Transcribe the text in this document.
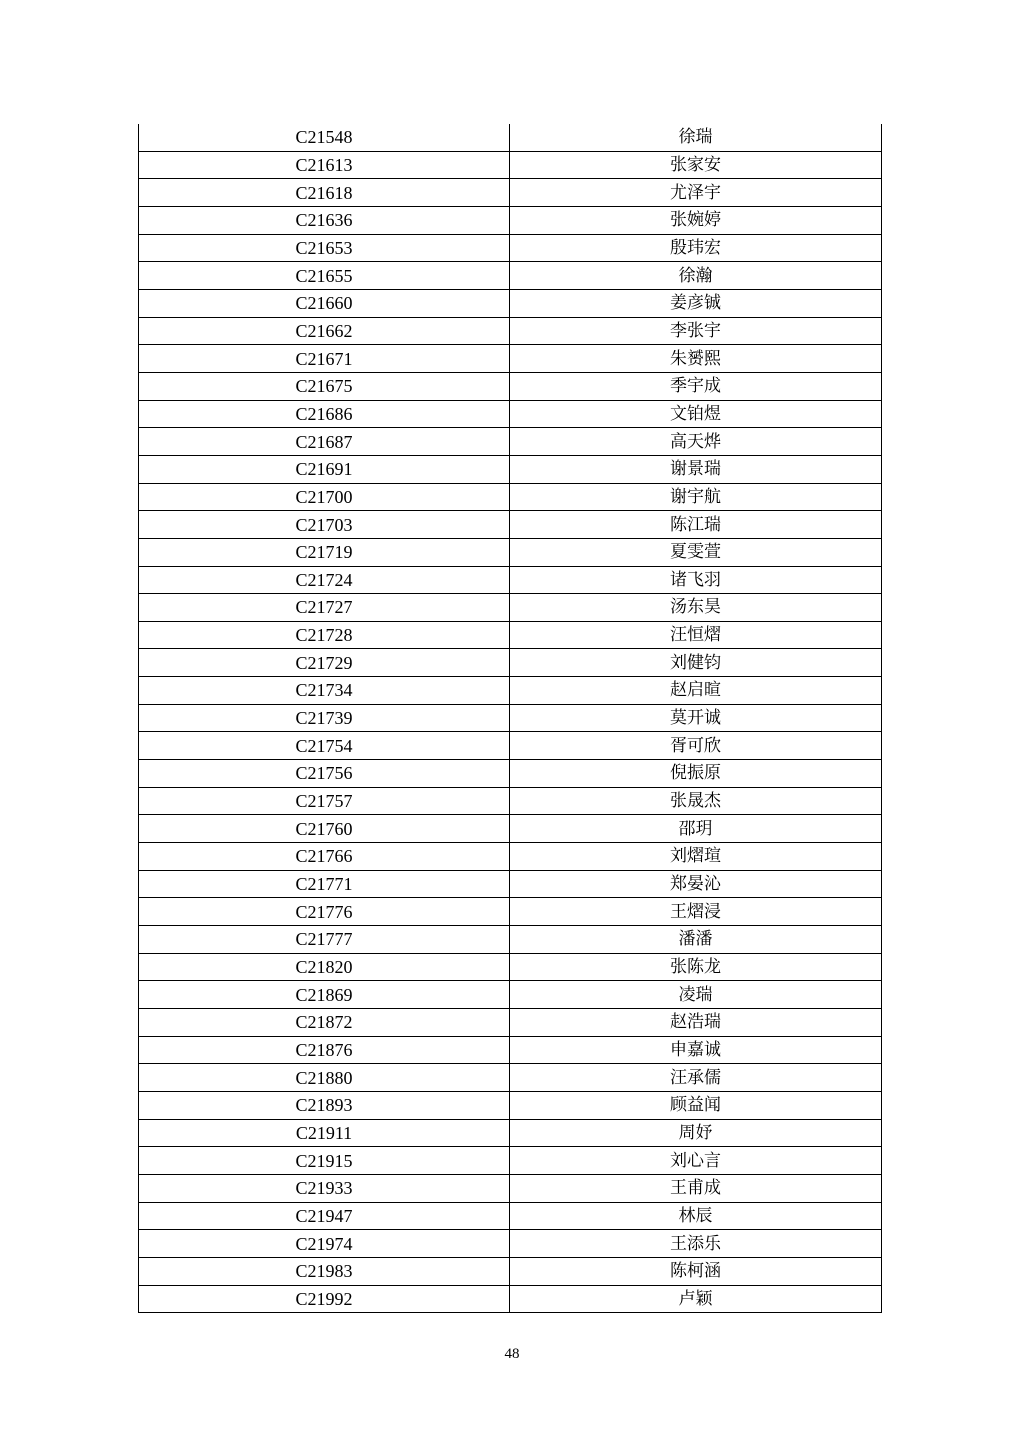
C21548	徐瑞
C21613	张家安
C21618	尤泽宇
C21636	张婉婷
C21653	殷玮宏
C21655	徐瀚
C21660	姜彦铖
C21662	李张宇
C21671	朱赟熙
C21675	季宇成
C21686	文铂煜
C21687	高天烨
C21691	谢景瑞
C21700	谢宇航
C21703	陈江瑞
C21719	夏雯萱
C21724	诸飞羽
C21727	汤东昊
C21728	汪恒熠
C21729	刘健钧
C21734	赵启暄
C21739	莫开诚
C21754	胥可欣
C21756	倪振原
C21757	张晟杰
C21760	邵玥
C21766	刘熠瑄
C21771	郑晏沁
C21776	王熠浸
C21777	潘潘
C21820	张陈龙
C21869	凌瑞
C21872	赵浩瑞
C21876	申嘉诚
C21880	汪承儒
C21893	顾益闻
C21911	周妤
C21915	刘心言
C21933	王甫成
C21947	林辰
C21974	王添乐
C21983	陈柯涵
C21992	卢颖
48
